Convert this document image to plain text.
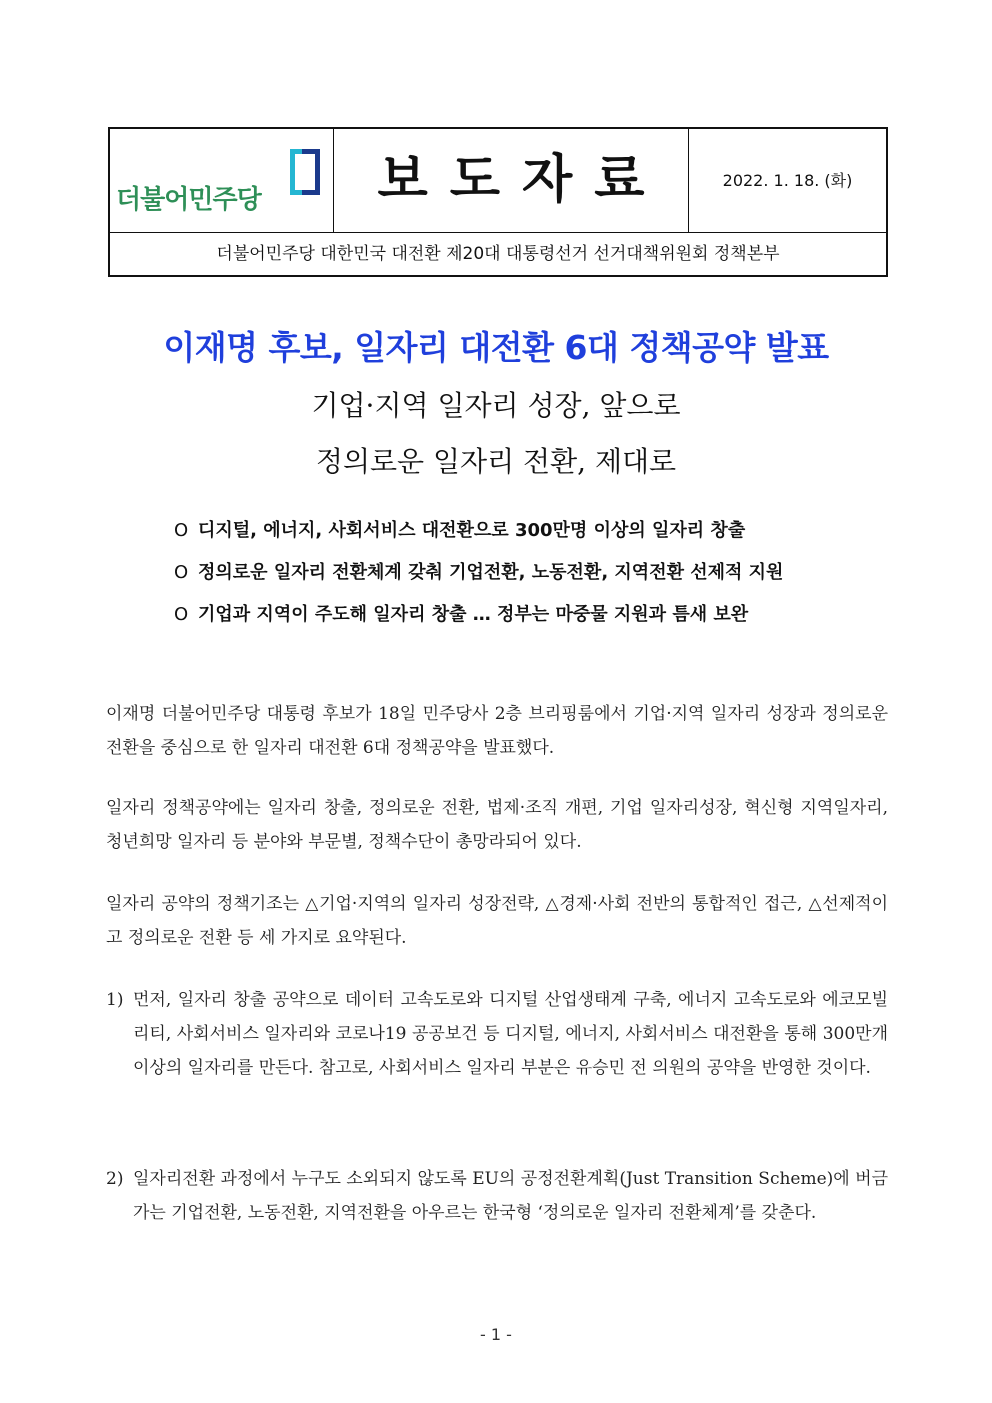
더불어민주당	보도자료	2022. 1. 18. (화)
더불어민주당 대한민국 대전환 제20대 대통령선거 선거대책위원회 정책본부
이재명 후보, 일자리 대전환 6대 정책공약 발표
기업·지역 일자리 성장, 앞으로
정의로운 일자리 전환, 제대로
O 디지털, 에너지, 사회서비스 대전환으로 300만명 이상의 일자리 창출
O 정의로운 일자리 전환체계 갖춰 기업전환, 노동전환, 지역전환 선제적 지원
O 기업과 지역이 주도해 일자리 창출 … 정부는 마중물 지원과 틈새 보완
이재명 더불어민주당 대통령 후보가 18일 민주당사 2층 브리핑룸에서 기업·지역 일자리 성장과 정의로운 전환을 중심으로 한 일자리 대전환 6대 정책공약을 발표했다.
일자리 정책공약에는 일자리 창출, 정의로운 전환, 법제·조직 개편, 기업 일자리성장, 혁신형 지역일자리, 청년희망 일자리 등 분야와 부문별, 정책수단이 총망라되어 있다.
일자리 공약의 정책기조는 △기업·지역의 일자리 성장전략, △경제·사회 전반의 통합적인 접근, △선제적이고 정의로운 전환 등 세 가지로 요약된다.
1) 먼저, 일자리 창출 공약으로 데이터 고속도로와 디지털 산업생태계 구축, 에너지 고속도로와 에코모빌리티, 사회서비스 일자리와 코로나19 공공보건 등 디지털, 에너지, 사회서비스 대전환을 통해 300만개 이상의 일자리를 만든다. 참고로, 사회서비스 일자리 부분은 유승민 전 의원의 공약을 반영한 것이다.
2) 일자리전환 과정에서 누구도 소외되지 않도록 EU의 공정전환계획(Just Transition Scheme)에 버금가는 기업전환, 노동전환, 지역전환을 아우르는 한국형 ‘정의로운 일자리 전환체계’를 갖춘다.
- 1 -
